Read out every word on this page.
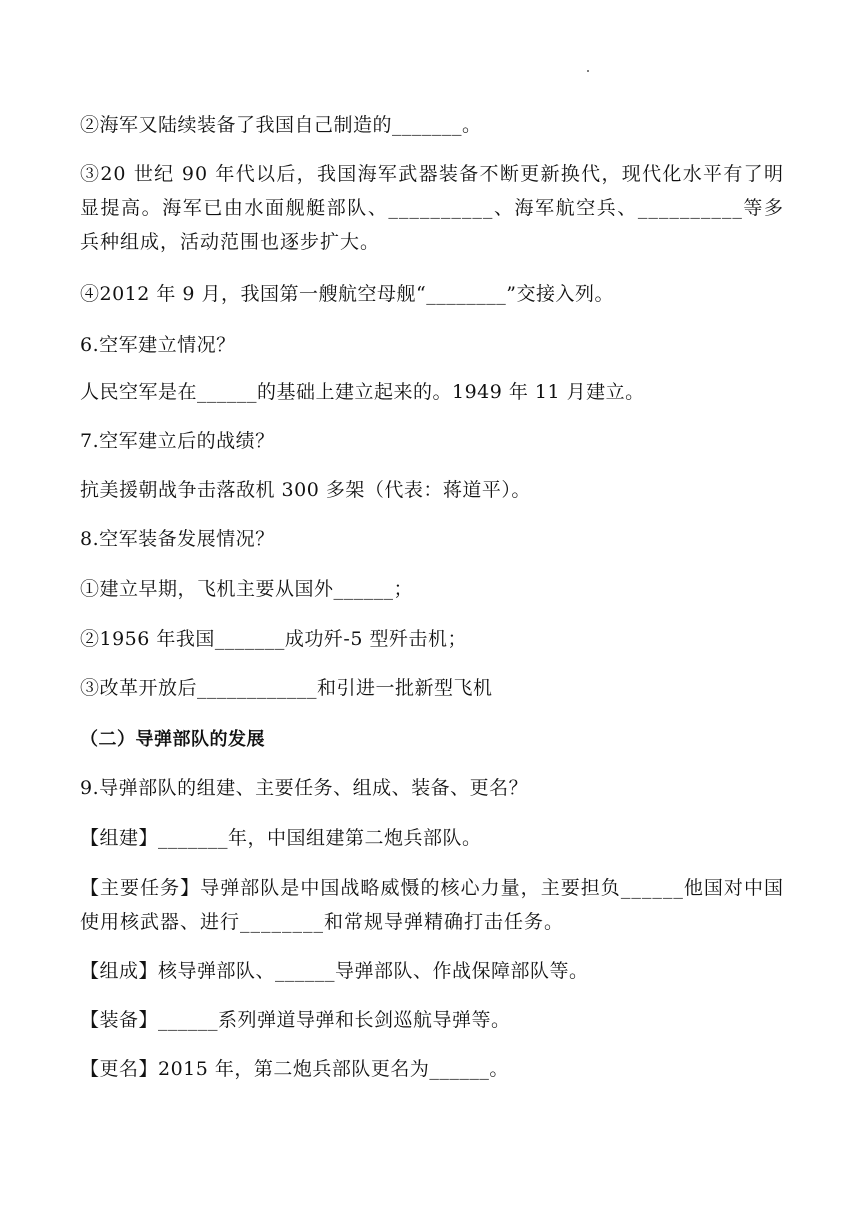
②海军又陆续装备了我国自己制造的_______。
③20 世纪 90 年代以后，我国海军武器装备不断更新换代，现代化水平有了明显提高。海军已由水面舰艇部队、__________、海军航空兵、__________等多兵种组成，活动范围也逐步扩大。
④2012 年 9 月，我国第一艘航空母舰“________”交接入列。
6.空军建立情况？
人民空军是在______的基础上建立起来的。1949 年 11 月建立。
7.空军建立后的战绩？
抗美援朝战争击落敌机 300 多架（代表：蒋道平）。
8.空军装备发展情况？
①建立早期，飞机主要从国外______；
②1956 年我国_______成功歼-5 型歼击机；
③改革开放后____________和引进一批新型飞机
（二）导弹部队的发展
9.导弹部队的组建、主要任务、组成、装备、更名？
【组建】_______年，中国组建第二炮兵部队。
【主要任务】导弹部队是中国战略威慑的核心力量，主要担负______他国对中国使用核武器、进行________和常规导弹精确打击任务。
【组成】核导弹部队、______导弹部队、作战保障部队等。
【装备】______系列弹道导弹和长剑巡航导弹等。
【更名】2015 年，第二炮兵部队更名为______。
